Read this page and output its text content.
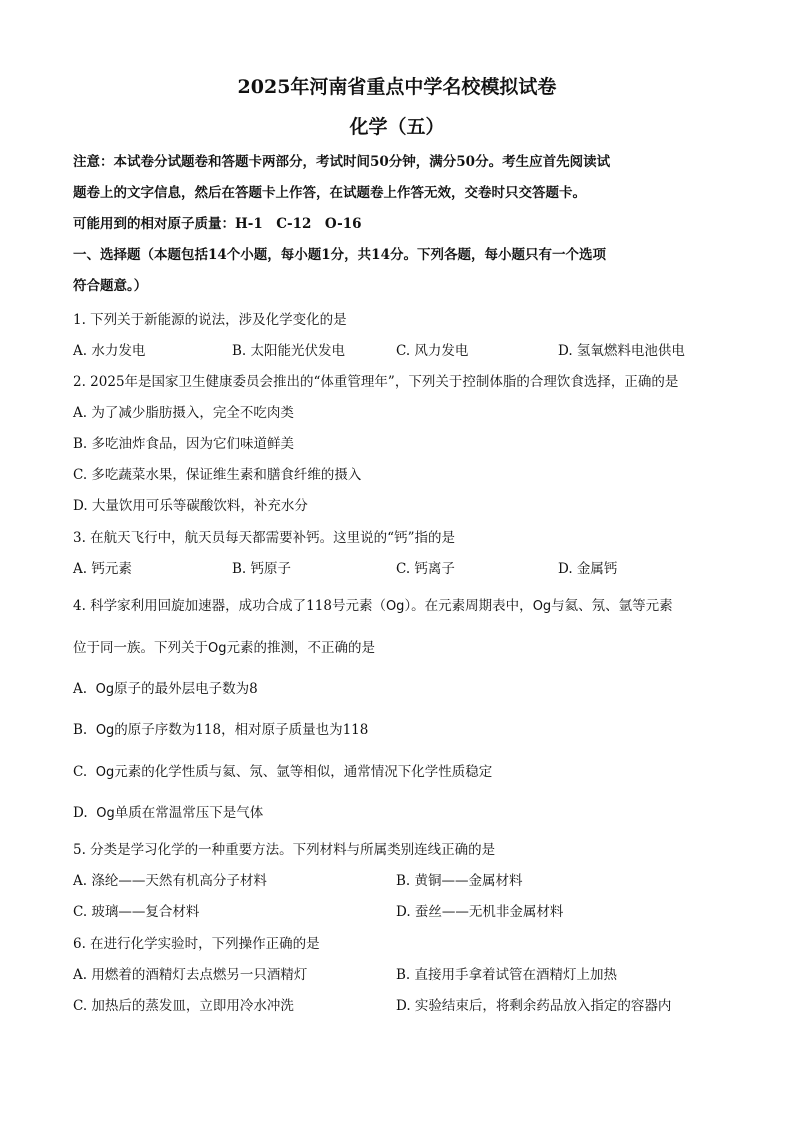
2025年河南省重点中学名校模拟试卷
化学（五）
注意：本试卷分试题卷和答题卡两部分，考试时间50分钟，满分50分。考生应首先阅读试
题卷上的文字信息，然后在答题卡上作答，在试题卷上作答无效，交卷时只交答题卡。
可能用到的相对原子质量：H-1　C-12　O-16
一、选择题（本题包括14个小题，每小题1分，共14分。下列各题，每小题只有一个选项
符合题意。）
1. 下列关于新能源的说法，涉及化学变化的是
A. 水力发电	B. 太阳能光伏发电	C. 风力发电	D. 氢氧燃料电池供电
2. 2025年是国家卫生健康委员会推出的“体重管理年”，下列关于控制体脂的合理饮食选择，正确的是
A. 为了减少脂肪摄入，完全不吃肉类
B. 多吃油炸食品，因为它们味道鲜美
C. 多吃蔬菜水果，保证维生素和膳食纤维的摄入
D. 大量饮用可乐等碳酸饮料，补充水分
3. 在航天飞行中，航天员每天都需要补钙。这里说的“钙”指的是
A. 钙元素	B. 钙原子	C. 钙离子	D. 金属钙
4. 科学家利用回旋加速器，成功合成了118号元素（Og）。在元素周期表中，Og与氦、氖、氩等元素
位于同一族。下列关于Og元素的推测，不正确的是
A. Og原子的最外层电子数为8
B. Og的原子序数为118，相对原子质量也为118
C. Og元素的化学性质与氦、氖、氩等相似，通常情况下化学性质稳定
D. Og单质在常温常压下是气体
5. 分类是学习化学的一种重要方法。下列材料与所属类别连线正确的是
A. 涤纶——天然有机高分子材料	B. 黄铜——金属材料
C. 玻璃——复合材料	D. 蚕丝——无机非金属材料
6. 在进行化学实验时，下列操作正确的是
A. 用燃着的酒精灯去点燃另一只酒精灯	B. 直接用手拿着试管在酒精灯上加热
C. 加热后的蒸发皿，立即用冷水冲洗	D. 实验结束后，将剩余药品放入指定的容器内
